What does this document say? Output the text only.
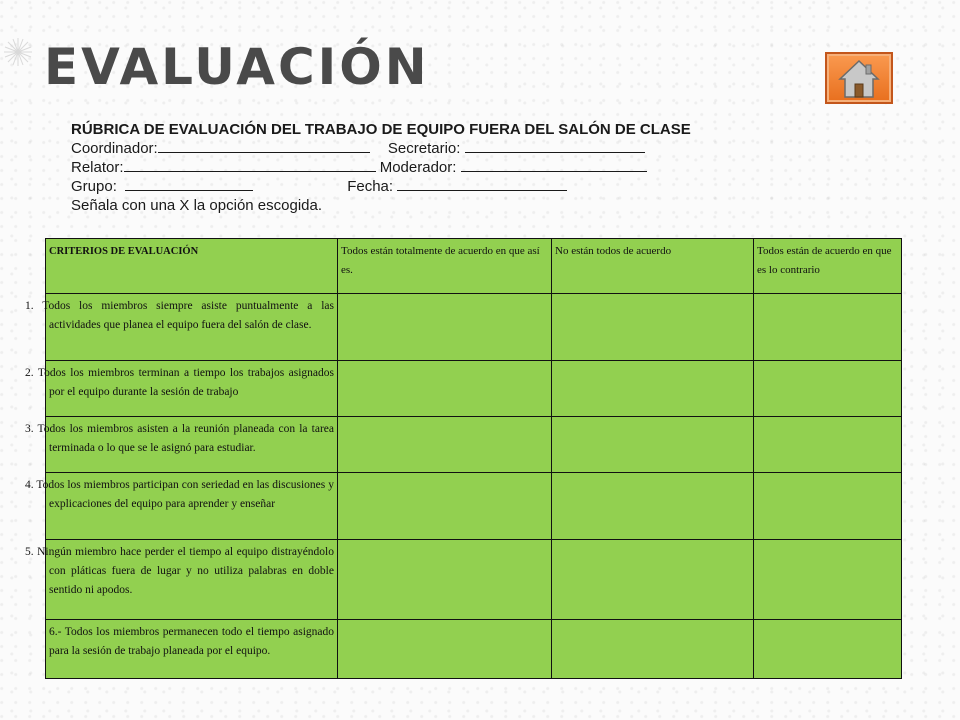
EVALUACIÓN
RÚBRICA DE EVALUACIÓN DEL TRABAJO DE EQUIPO FUERA DEL SALÓN DE CLASE
Coordinador:	Secretario:
Relator:	Moderador:
Grupo:	Fecha:
Señala con una X la opción escogida.
CRITERIOS DE EVALUACIÓN	Todos están totalmente de acuerdo en que así es.	No están todos de acuerdo	Todos están de acuerdo en que es lo contrario
1. Todos los miembros siempre asiste puntualmente a las actividades que planea el equipo fuera del salón de clase.			
2. Todos los miembros terminan a tiempo los trabajos asignados por el equipo durante la sesión de trabajo			
3. Todos los miembros asisten a la reunión planeada con la tarea terminada o lo que se le asignó para estudiar.			
4. Todos los miembros participan con seriedad en las discusiones y explicaciones del equipo para aprender y enseñar			
5. Ningún miembro hace perder el tiempo al equipo distrayéndolo con pláticas fuera de lugar y no utiliza palabras en doble sentido ni apodos.			
6.- Todos los miembros permanecen todo el tiempo asignado para la sesión de trabajo planeada por el equipo.			
